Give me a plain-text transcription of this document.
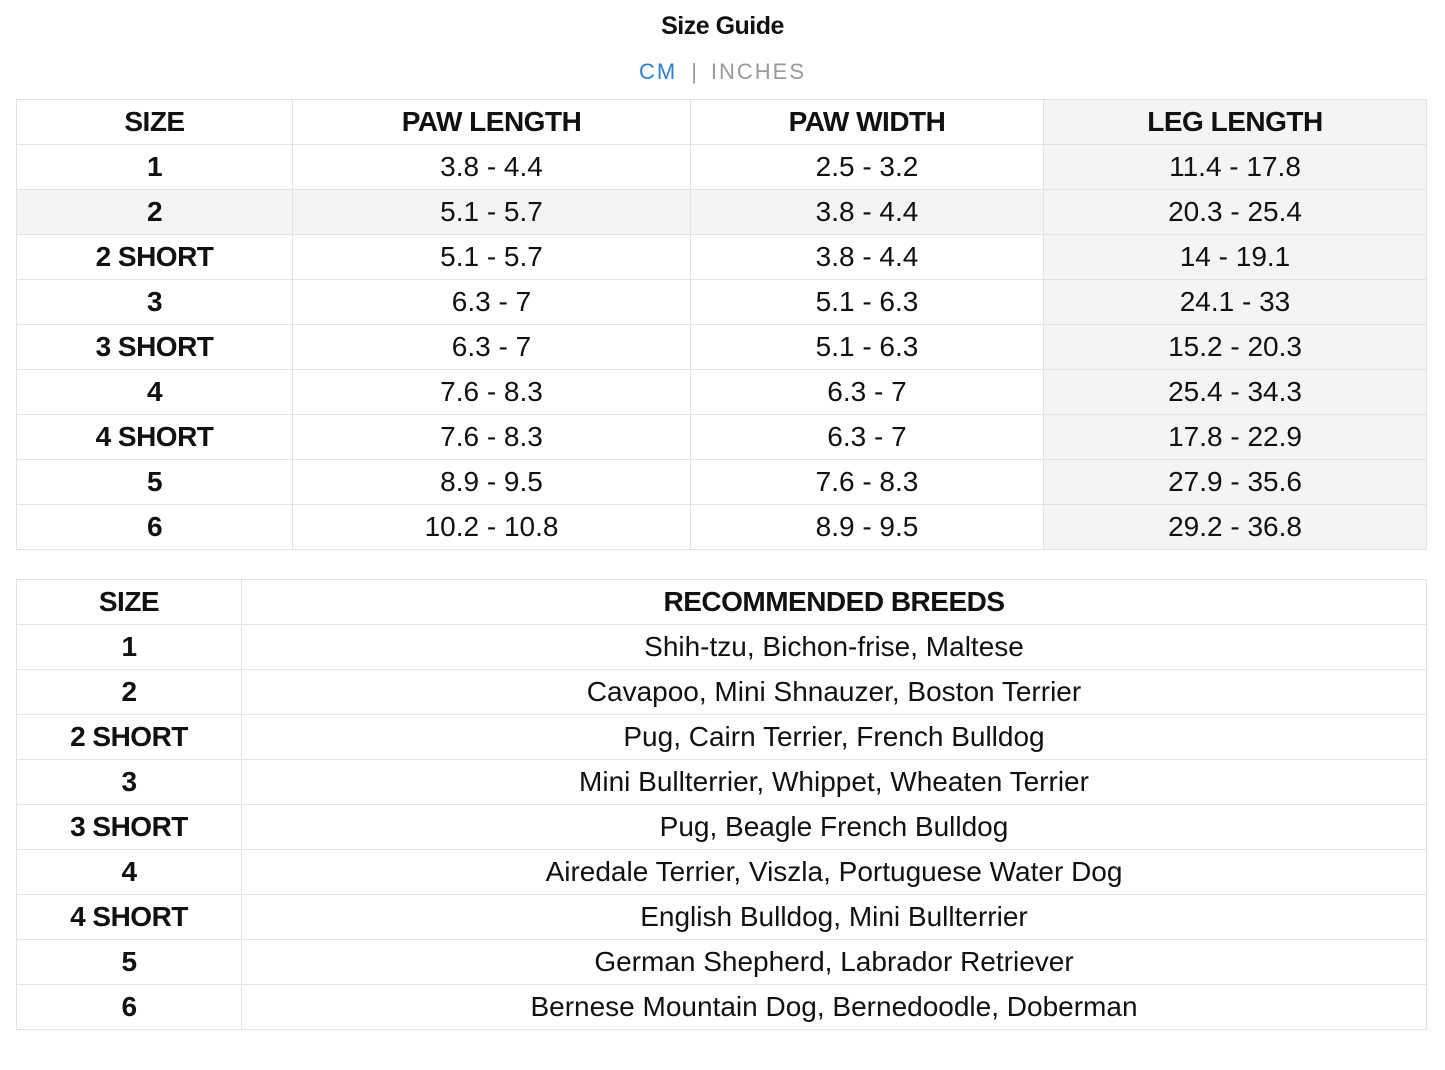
Size Guide
CM | INCHES
SIZE	PAW LENGTH	PAW WIDTH	LEG LENGTH
1	3.8 - 4.4	2.5 - 3.2	11.4 - 17.8
2	5.1 - 5.7	3.8 - 4.4	20.3 - 25.4
2 SHORT	5.1 - 5.7	3.8 - 4.4	14 - 19.1
3	6.3 - 7	5.1 - 6.3	24.1 - 33
3 SHORT	6.3 - 7	5.1 - 6.3	15.2 - 20.3
4	7.6 - 8.3	6.3 - 7	25.4 - 34.3
4 SHORT	7.6 - 8.3	6.3 - 7	17.8 - 22.9
5	8.9 - 9.5	7.6 - 8.3	27.9 - 35.6
6	10.2 - 10.8	8.9 - 9.5	29.2 - 36.8
SIZE	RECOMMENDED BREEDS
1	Shih-tzu, Bichon-frise, Maltese
2	Cavapoo, Mini Shnauzer, Boston Terrier
2 SHORT	Pug, Cairn Terrier, French Bulldog
3	Mini Bullterrier, Whippet, Wheaten Terrier
3 SHORT	Pug, Beagle French Bulldog
4	Airedale Terrier, Viszla, Portuguese Water Dog
4 SHORT	English Bulldog, Mini Bullterrier
5	German Shepherd, Labrador Retriever
6	Bernese Mountain Dog, Bernedoodle, Doberman
